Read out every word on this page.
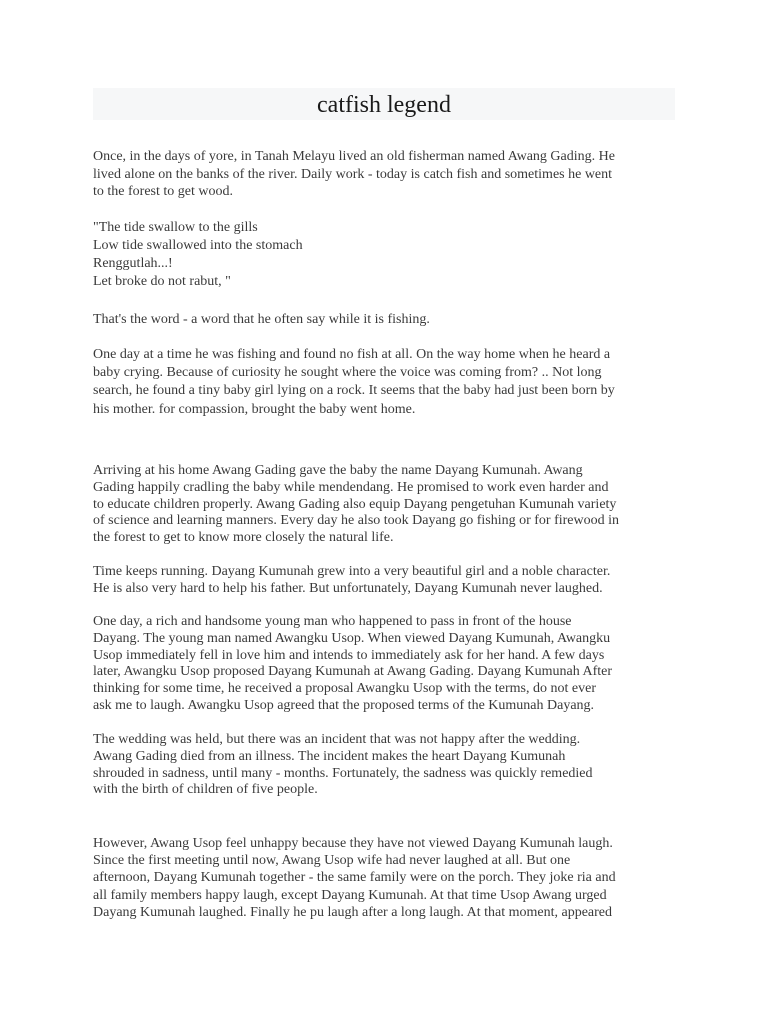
catfish legend

Once, in the days of yore, in Tanah Melayu lived an old fisherman named Awang Gading. He
lived alone on the banks of the river. Daily work - today is catch fish and sometimes he went
to the forest to get wood.

"The tide swallow to the gills
Low tide swallowed into the stomach
Renggutlah...!
Let broke do not rabut, "

That's the word - a word that he often say while it is fishing.

One day at a time he was fishing and found no fish at all. On the way home when he heard a
baby crying. Because of curiosity he sought where the voice was coming from? .. Not long
search, he found a tiny baby girl lying on a rock. It seems that the baby had just been born by
his mother. for compassion, brought the baby went home.

Arriving at his home Awang Gading gave the baby the name Dayang Kumunah. Awang
Gading happily cradling the baby while mendendang. He promised to work even harder and
to educate children properly. Awang Gading also equip Dayang pengetuhan Kumunah variety
of science and learning manners. Every day he also took Dayang go fishing or for firewood in
the forest to get to know more closely the natural life.

Time keeps running. Dayang Kumunah grew into a very beautiful girl and a noble character.
He is also very hard to help his father. But unfortunately, Dayang Kumunah never laughed.

One day, a rich and handsome young man who happened to pass in front of the house
Dayang. The young man named Awangku Usop. When viewed Dayang Kumunah, Awangku
Usop immediately fell in love him and intends to immediately ask for her hand. A few days
later, Awangku Usop proposed Dayang Kumunah at Awang Gading. Dayang Kumunah After
thinking for some time, he received a proposal Awangku Usop with the terms, do not ever
ask me to laugh. Awangku Usop agreed that the proposed terms of the Kumunah Dayang.

The wedding was held, but there was an incident that was not happy after the wedding.
Awang Gading died from an illness. The incident makes the heart Dayang Kumunah
shrouded in sadness, until many - months. Fortunately, the sadness was quickly remedied
with the birth of children of five people.

However, Awang Usop feel unhappy because they have not viewed Dayang Kumunah laugh.
Since the first meeting until now, Awang Usop wife had never laughed at all. But one
afternoon, Dayang Kumunah together - the same family were on the porch. They joke ria and
all family members happy laugh, except Dayang Kumunah. At that time Usop Awang urged
Dayang Kumunah laughed. Finally he pu laugh after a long laugh. At that moment, appeared
